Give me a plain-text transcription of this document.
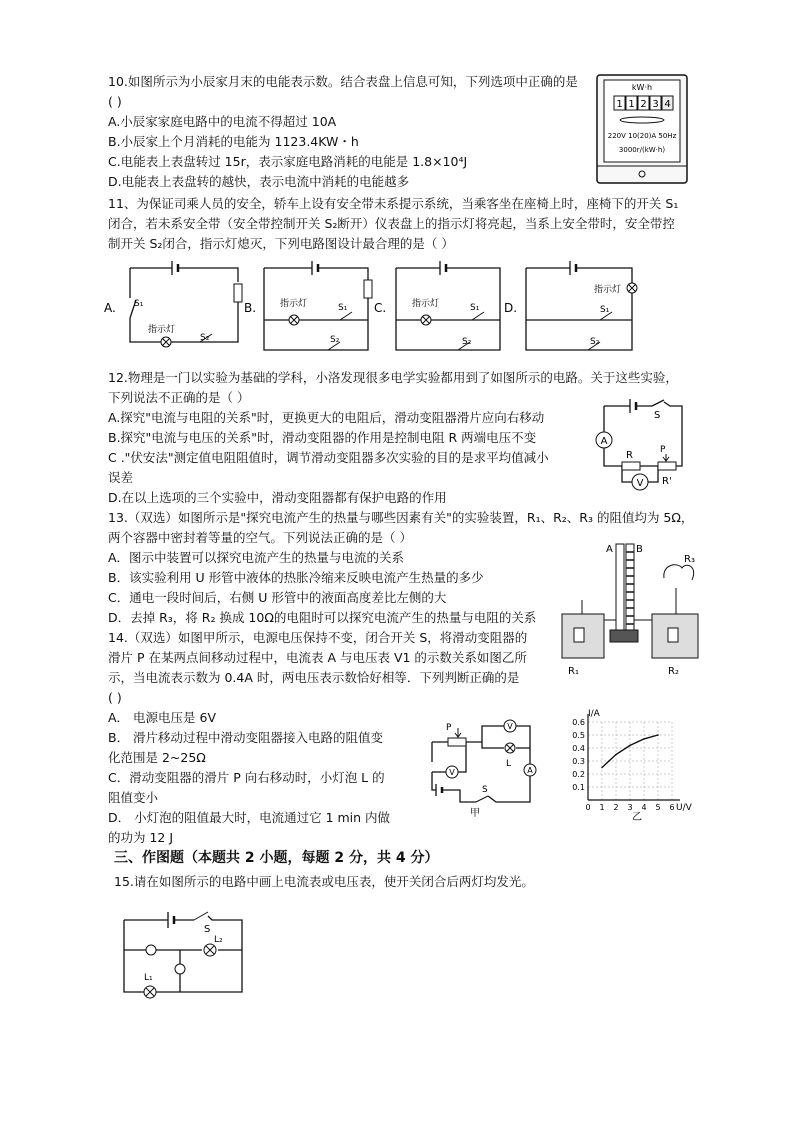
10.如图所示为小辰家月末的电能表示数。结合表盘上信息可知，下列选项中正确的是
( )
A.小辰家家庭电路中的电流不得超过 10A
B.小辰家上个月消耗的电能为 1123.4KW・h
C.电能表上表盘转过 15r，表示家庭电路消耗的电能是 1.8×10⁴J
D.电能表上表盘转的越快，表示电流中消耗的电能越多
kW·h
1 1 2 3 4
220V 10(20)A 50Hz
3000r/(kW·h)
11、为保证司乘人员的安全，轿车上设有安全带未系提示系统，当乘客坐在座椅上时，座椅下的开关 S₁
闭合，若未系安全带（安全带控制开关 S₂断开）仪表盘上的指示灯将亮起，当系上安全带时，安全带控
制开关 S₂闭合，指示灯熄灭，下列电路图设计最合理的是（ ）
A. S₁
指示灯
S₂
B.	指示灯	S₁
S₂
C.	指示灯	S₁
S₂
D.
指示灯
S₁
S₂
12.物理是一门以实验为基础的学科，小洛发现很多电学实验都用到了如图所示的电路。关于这些实验，
下列说法不正确的是（ ）
A.探究"电流与电阻的关系"时，更换更大的电阻后，滑动变阻器滑片应向右移动
B.探究"电流与电压的关系"时，滑动变阻器的作用是控制电阻 R 两端电压不变
C ."伏安法"测定值电阻阻值时，调节滑动变阻器多次实验的目的是求平均值减小
误差
D.在以上选项的三个实验中，滑动变阻器都有保护电路的作用
S
A
R	P
R'
V
13.（双选）如图所示是"探究电流产生的热量与哪些因素有关"的实验装置，R₁、R₂、R₃ 的阻值均为 5Ω，
两个容器中密封着等量的空气。下列说法正确的是（ ）
A．图示中装置可以探究电流产生的热量与电流的关系
B．该实验利用 U 形管中液体的热胀冷缩来反映电流产生热量的多少
C．通电一段时间后，右侧 U 形管中的液面高度差比左侧的大
D．去掉 R₃，将 R₂ 换成 10Ω的电阻时可以探究电流产生的热量与电阻的关系
A B
R₃
R₁	R₂
14.（双选）如图甲所示，电源电压保持不变，闭合开关 S，将滑动变阻器的
滑片 P 在某两点间移动过程中，电流表 A 与电压表 V1 的示数关系如图乙所
示，当电流表示数为 0.4A 时，两电压表示数恰好相等．下列判断正确的是
( )
A． 电源电压是 6V
B． 滑片移动过程中滑动变阻器接入电路的阻值变
化范围是 2~25Ω
C．滑动变阻器的滑片 P 向右移动时，小灯泡 L 的
阻值变小
D． 小灯泡的阻值最大时，电流通过它 1 min 内做
的功为 12 J
P	V
L
V	A
S
甲
0 1 2 3 4 5 6
0.1
0.2
0.3
0.4
0.5
0.6
I/A
U/V
乙
三、作图题（本题共 2 小题，每题 2 分，共 4 分）
15.请在如图所示的电路中画上电流表或电压表，使开关闭合后两灯均发光。
S
L₂
L₁
